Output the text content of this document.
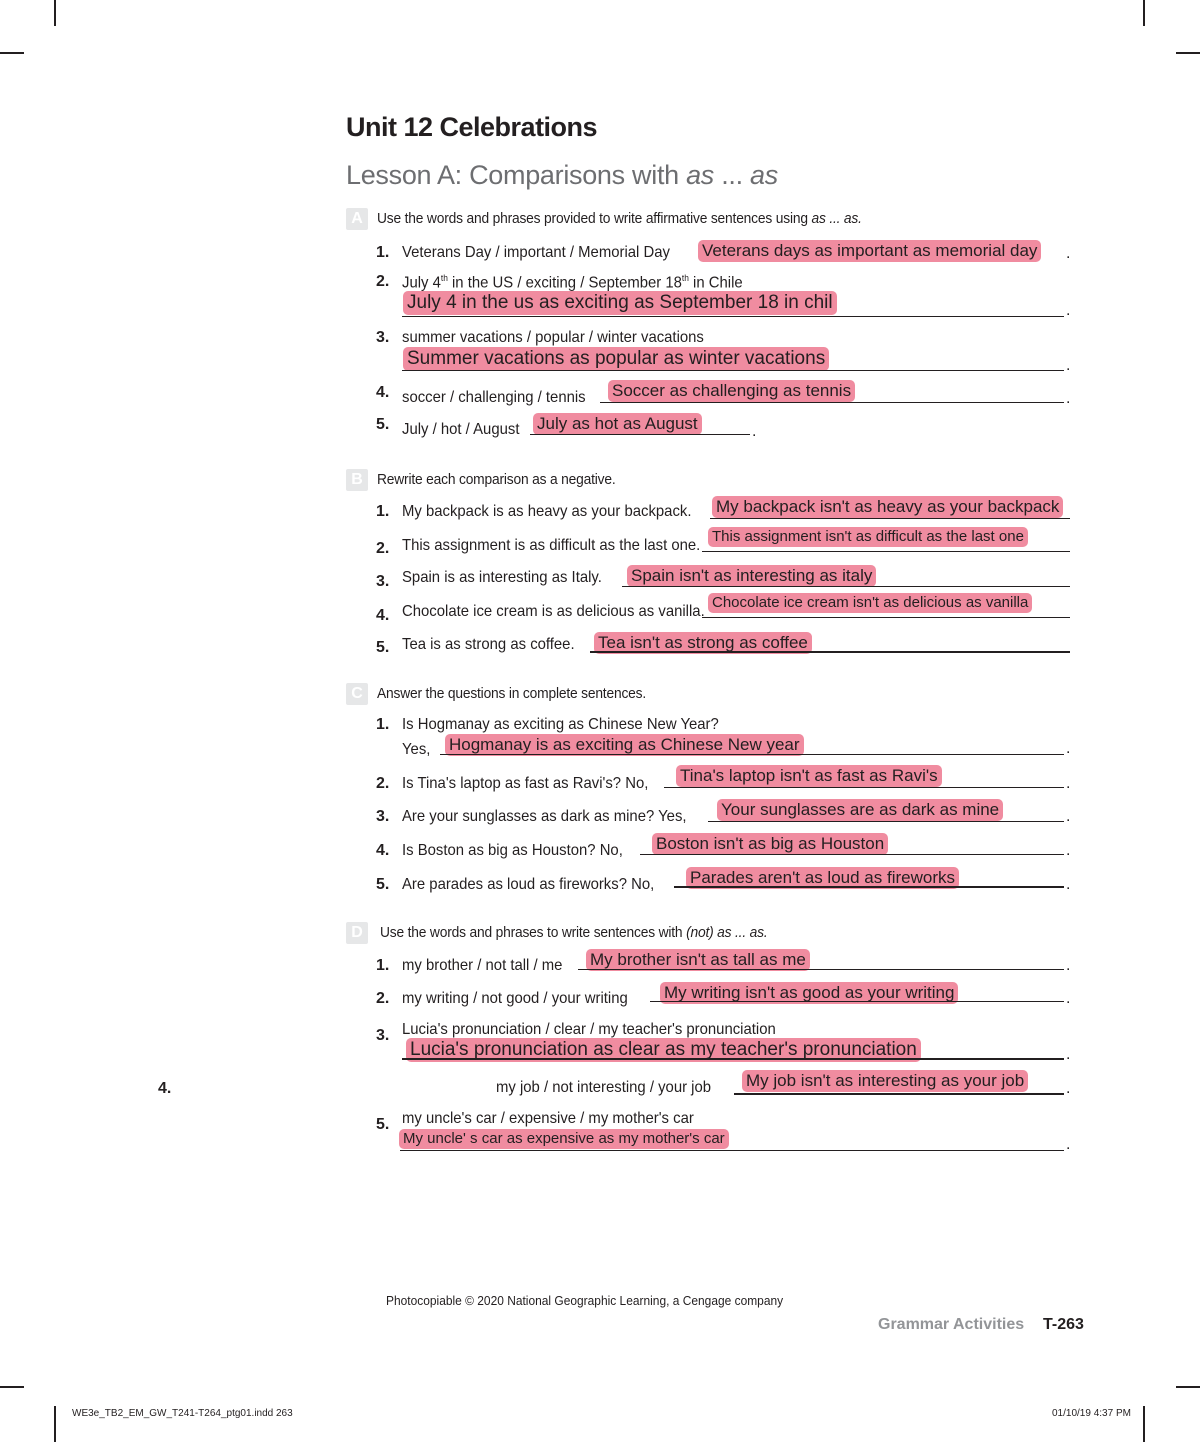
Unit 12 Celebrations
Lesson A: Comparisons with as ... as
A Use the words and phrases provided to write affirmative sentences using as ... as.
1. Veterans Day / important / Memorial Day Veterans days as important as memorial day .
2. July 4th in the US / exciting / September 18th in Chile
July 4 in the us as exciting as September 18 in chil	.
3. summer vacations / popular / winter vacations
Summer vacations as popular as winter vacations	.
4. soccer / challenging / tennis Soccer as challenging as tennis	.
5. July / hot / August July as hot as August	.
B Rewrite each comparison as a negative.
1. My backpack is as heavy as your backpack. My backpack isn't as heavy as your backpack
2. This assignment is as difficult as the last one.
This assignment isn't as difficult as the last one
3. Spain is as interesting as Italy. Spain isn't as interesting as italy
4. Chocolate ice cream is as delicious as vanilla.
Chocolate ice cream isn't as delicious as vanilla
5. Tea is as strong as coffee. Tea isn't as strong as coffee
C Answer the questions in complete sentences.
1. Is Hogmanay as exciting as Chinese New Year?
Yes, Hogmanay is as exciting as Chinese New year	.
2. Is Tina's laptop as fast as Ravi's? No, Tina's laptop isn't as fast as Ravi's	.
3. Are your sunglasses as dark as mine? Yes, Your sunglasses are as dark as mine	.
4. Is Boston as big as Houston? No, Boston isn't as big as Houston	.
5. Are parades as loud as fireworks? No, Parades aren't as loud as fireworks	.
D	Use the words and phrases to write sentences with (not) as ... as.
1. my brother / not tall / me My brother isn't as tall as me	.
2. my writing / not good / your writing My writing isn't as good as your writing	.
3. Lucia's pronunciation / clear / my teacher's pronunciation
Lucia's pronunciation as clear as my teacher's pronunciation	.
4.	my job / not interesting / your job My job isn't as interesting as your job	.
5. my uncle's car / expensive / my mother's car
My uncle' s car as expensive as my mother's car	.
Photocopiable © 2020 National Geographic Learning, a Cengage company
Grammar Activities T-263
WE3e_TB2_EM_GW_T241-T264_ptg01.indd 263	01/10/19 4:37 PM
